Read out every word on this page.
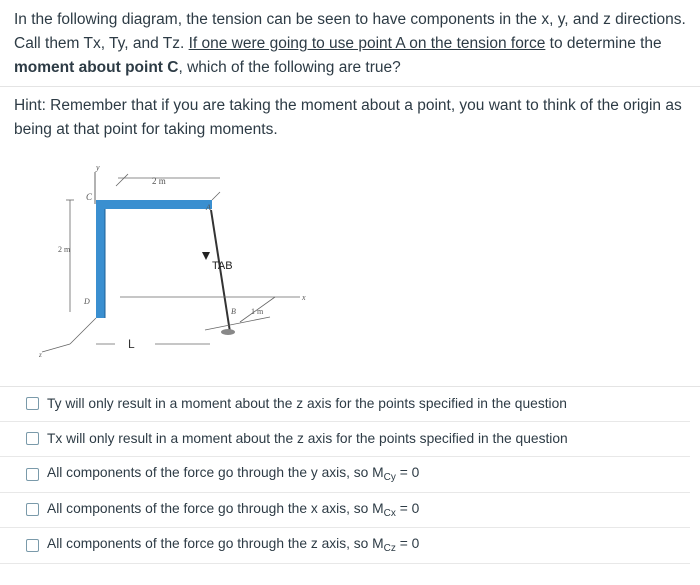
In the following diagram, the tension can be seen to have components in the x, y, and z directions. Call them Tx, Ty, and Tz. If one were going to use point A on the tension force to determine the moment about point C, which of the following are true?
Hint: Remember that if you are taking the moment about a point, you want to think of the origin as being at that point for taking moments.
y
C
2 m
A
2 m
TAB
x
D
B 1 m
z
L
Ty will only result in a moment about the z axis for the points specified in the question
Tx will only result in a moment about the z axis for the points specified in the question
All components of the force go through the y axis, so $M_{Cy} = 0$
All components of the force go through the x axis, so $M_{Cx} = 0$
All components of the force go through the z axis, so $M_{Cz} = 0$
